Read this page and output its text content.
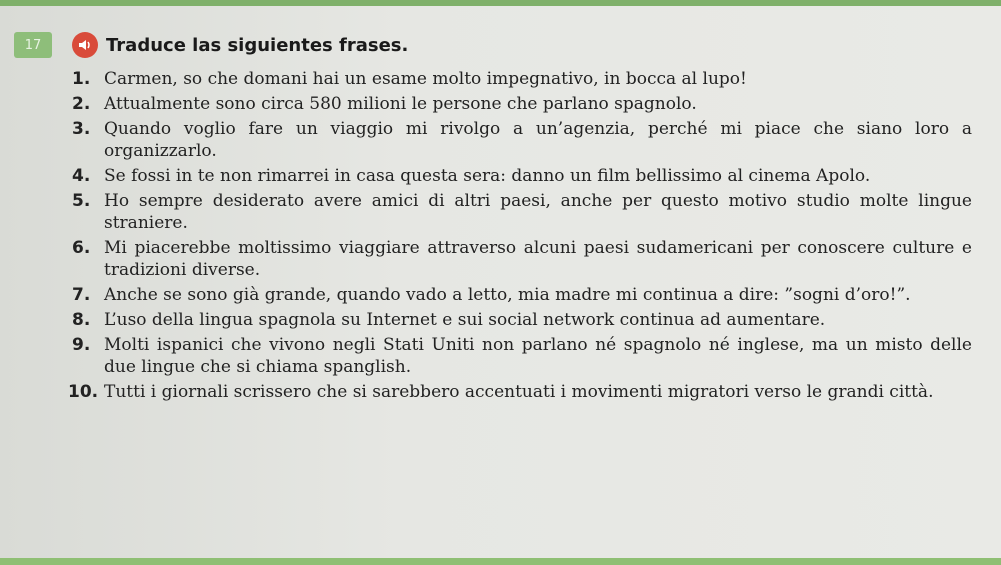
17	Traduce las siguientes frases.
1. Carmen, so che domani hai un esame molto impegnativo, in bocca al lupo!
2. Attualmente sono circa 580 milioni le persone che parlano spagnolo.
3. Quando voglio fare un viaggio mi rivolgo a un’agenzia, perché mi piace che siano loro a organizzarlo.
4. Se fossi in te non rimarrei in casa questa sera: danno un film bellissimo al cinema Apolo.
5. Ho sempre desiderato avere amici di altri paesi, anche per questo motivo studio molte lingue straniere.
6. Mi piacerebbe moltissimo viaggiare attraverso alcuni paesi sudamericani per conoscere culture e tradizioni diverse.
7. Anche se sono già grande, quando vado a letto, mia madre mi continua a dire: ”sogni d’oro!”.
8. L’uso della lingua spagnola su Internet e sui social network continua ad aumentare.
9. Molti ispanici che vivono negli Stati Uniti non parlano né spagnolo né inglese, ma un misto delle due lingue che si chiama spanglish.
10. Tutti i giornali scrissero che si sarebbero accentuati i movimenti migratori verso le grandi città.
